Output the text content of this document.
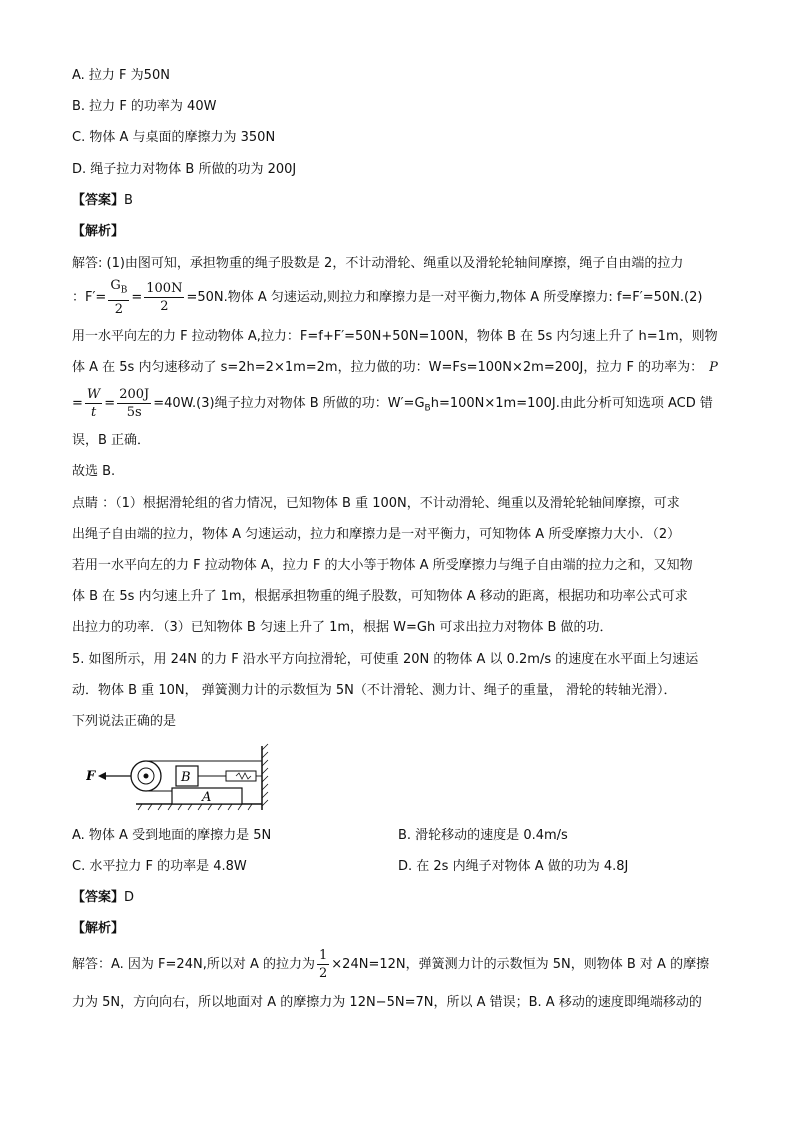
A. 拉力 F 为50N
B. 拉力 F 的功率为 40W
C. 物体 A 与桌面的摩擦力为 350N
D. 绳子拉力对物体 B 所做的功为 200J
【答案】B
【解析】
解答: (1)由图可知，承担物重的绳子股数是 2，不计动滑轮、绳重以及滑轮轮轴间摩擦，绳子自由端的拉力
：$F'= \frac{G_B}{2} = \frac{100N}{2} =50N$.物体 A 匀速运动,则拉力和摩擦力是一对平衡力,物体 A 所受摩擦力: f=F′=50N.(2)
用一水平向左的力 F 拉动物体 A,拉力：F=f+F′=50N+50N=100N，物体 B 在 5s 内匀速上升了 h=1m，则物
体 A 在 5s 内匀速移动了 s=2h=2×1m=2m，拉力做的功：W=Fs=100N×2m=200J，拉力 F 的功率为： P
= $\frac{W}{t} = \frac{200J}{5s} =40W.(3)$绳子拉力对物体 B 所做的功：$W'=G_Bh=100N\times 1m=100J$.由此分析可知选项 ACD 错
误，B 正确．
故选 B.
点睛 ：（1）根据滑轮组的省力情况，已知物体 B 重 100N，不计动滑轮、绳重以及滑轮轮轴间摩擦，可求
出绳子自由端的拉力，物体 A 匀速运动，拉力和摩擦力是一对平衡力，可知物体 A 所受摩擦力大小．（2）
若用一水平向左的力 F 拉动物体 A，拉力 F 的大小等于物体 A 所受摩擦力与绳子自由端的拉力之和，又知物
体 B 在 5s 内匀速上升了 1m，根据承担物重的绳子股数，可知物体 A 移动的距离，根据功和功率公式可求
出拉力的功率．（3）已知物体 B 匀速上升了 1m，根据 W=Gh 可求出拉力对物体 B 做的功．
5. 如图所示，用 24N 的力 F 沿水平方向拉滑轮，可使重 20N 的物体 A 以 0.2m/s 的速度在水平面上匀速运
动．物体 B 重 10N， 弹簧测力计的示数恒为 5N（不计滑轮、测力计、绳子的重量， 滑轮的转轴光滑）．
下列说法正确的是
F	B
A
A. 物体 A 受到地面的摩擦力是 5N	B. 滑轮移动的速度是 0.4m/s
C. 水平拉力 F 的功率是 4.8W	D. 在 2s 内绳子对物体 A 做的功为 4.8J
【答案】D
【解析】
解答：A. 因为 F=24N,所以对 A 的拉力为 $\frac{1}{2} \times 24N=12N$，弹簧测力计的示数恒为 5N，则物体 B 对 A 的摩擦
力为 5N，方向向右，所以地面对 A 的摩擦力为 12N−5N=7N，所以 A 错误；B. A 移动的速度即绳端移动的
